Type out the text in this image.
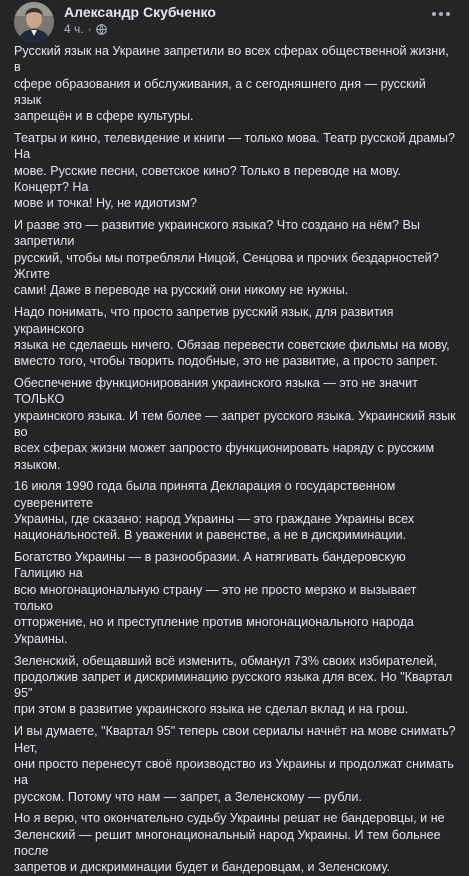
Александр Скубченко
4 ч. ·

Русский язык на Украине запретили во всех сферах общественной жизни, в
сфере образования и обслуживания, а с сегодняшнего дня — русский язык
запрещён и в сфере культуры.

Театры и кино, телевидение и книги — только мова. Театр русской драмы? На
мове. Русские песни, советское кино? Только в переводе на мову. Концерт? На
мове и точка! Ну, не идиотизм?

И разве это — развитие украинского языка? Что создано на нём? Вы запретили
русский, чтобы мы потребляли Ницой, Сенцова и прочих бездарностей? Жгите
сами! Даже в переводе на русский они никому не нужны.

Надо понимать, что просто запретив русский язык, для развития украинского
языка не сделаешь ничего. Обязав перевести советские фильмы на мову,
вместо того, чтобы творить подобные, это не развитие, а просто запрет.

Обеспечение функционирования украинского языка — это не значит ТОЛЬКО
украинского языка. И тем более — запрет русского языка. Украинский язык во
всех сферах жизни может запросто функционировать наряду с русским языком.

16 июля 1990 года была принята Декларация о государственном суверенитете
Украины, где сказано: народ Украины — это граждане Украины всех
национальностей. В уважении и равенстве, а не в дискриминации.

Богатство Украины — в разнообразии. А натягивать бандеровскую Галицию на
всю многонациональную страну — это не просто мерзко и вызывает только
отторжение, но и преступление против многонационального народа Украины.

Зеленский, обещавший всё изменить, обманул 73% своих избирателей,
продолжив запрет и дискриминацию русского языка для всех. Но "Квартал 95"
при этом в развитие украинского языка не сделал вклад и на грош.

И вы думаете, "Квартал 95" теперь свои сериалы начнёт на мове снимать? Нет,
они просто перенесут своё производство из Украины и продолжат снимать на
русском. Потому что нам — запрет, а Зеленскому — рубли.

Но я верю, что окончательно судьбу Украины решат не бандеровцы, и не
Зеленский — решит многонациональный народ Украины. И тем больнее после
запретов и дискриминации будет и бандеровцам, и Зеленскому.
